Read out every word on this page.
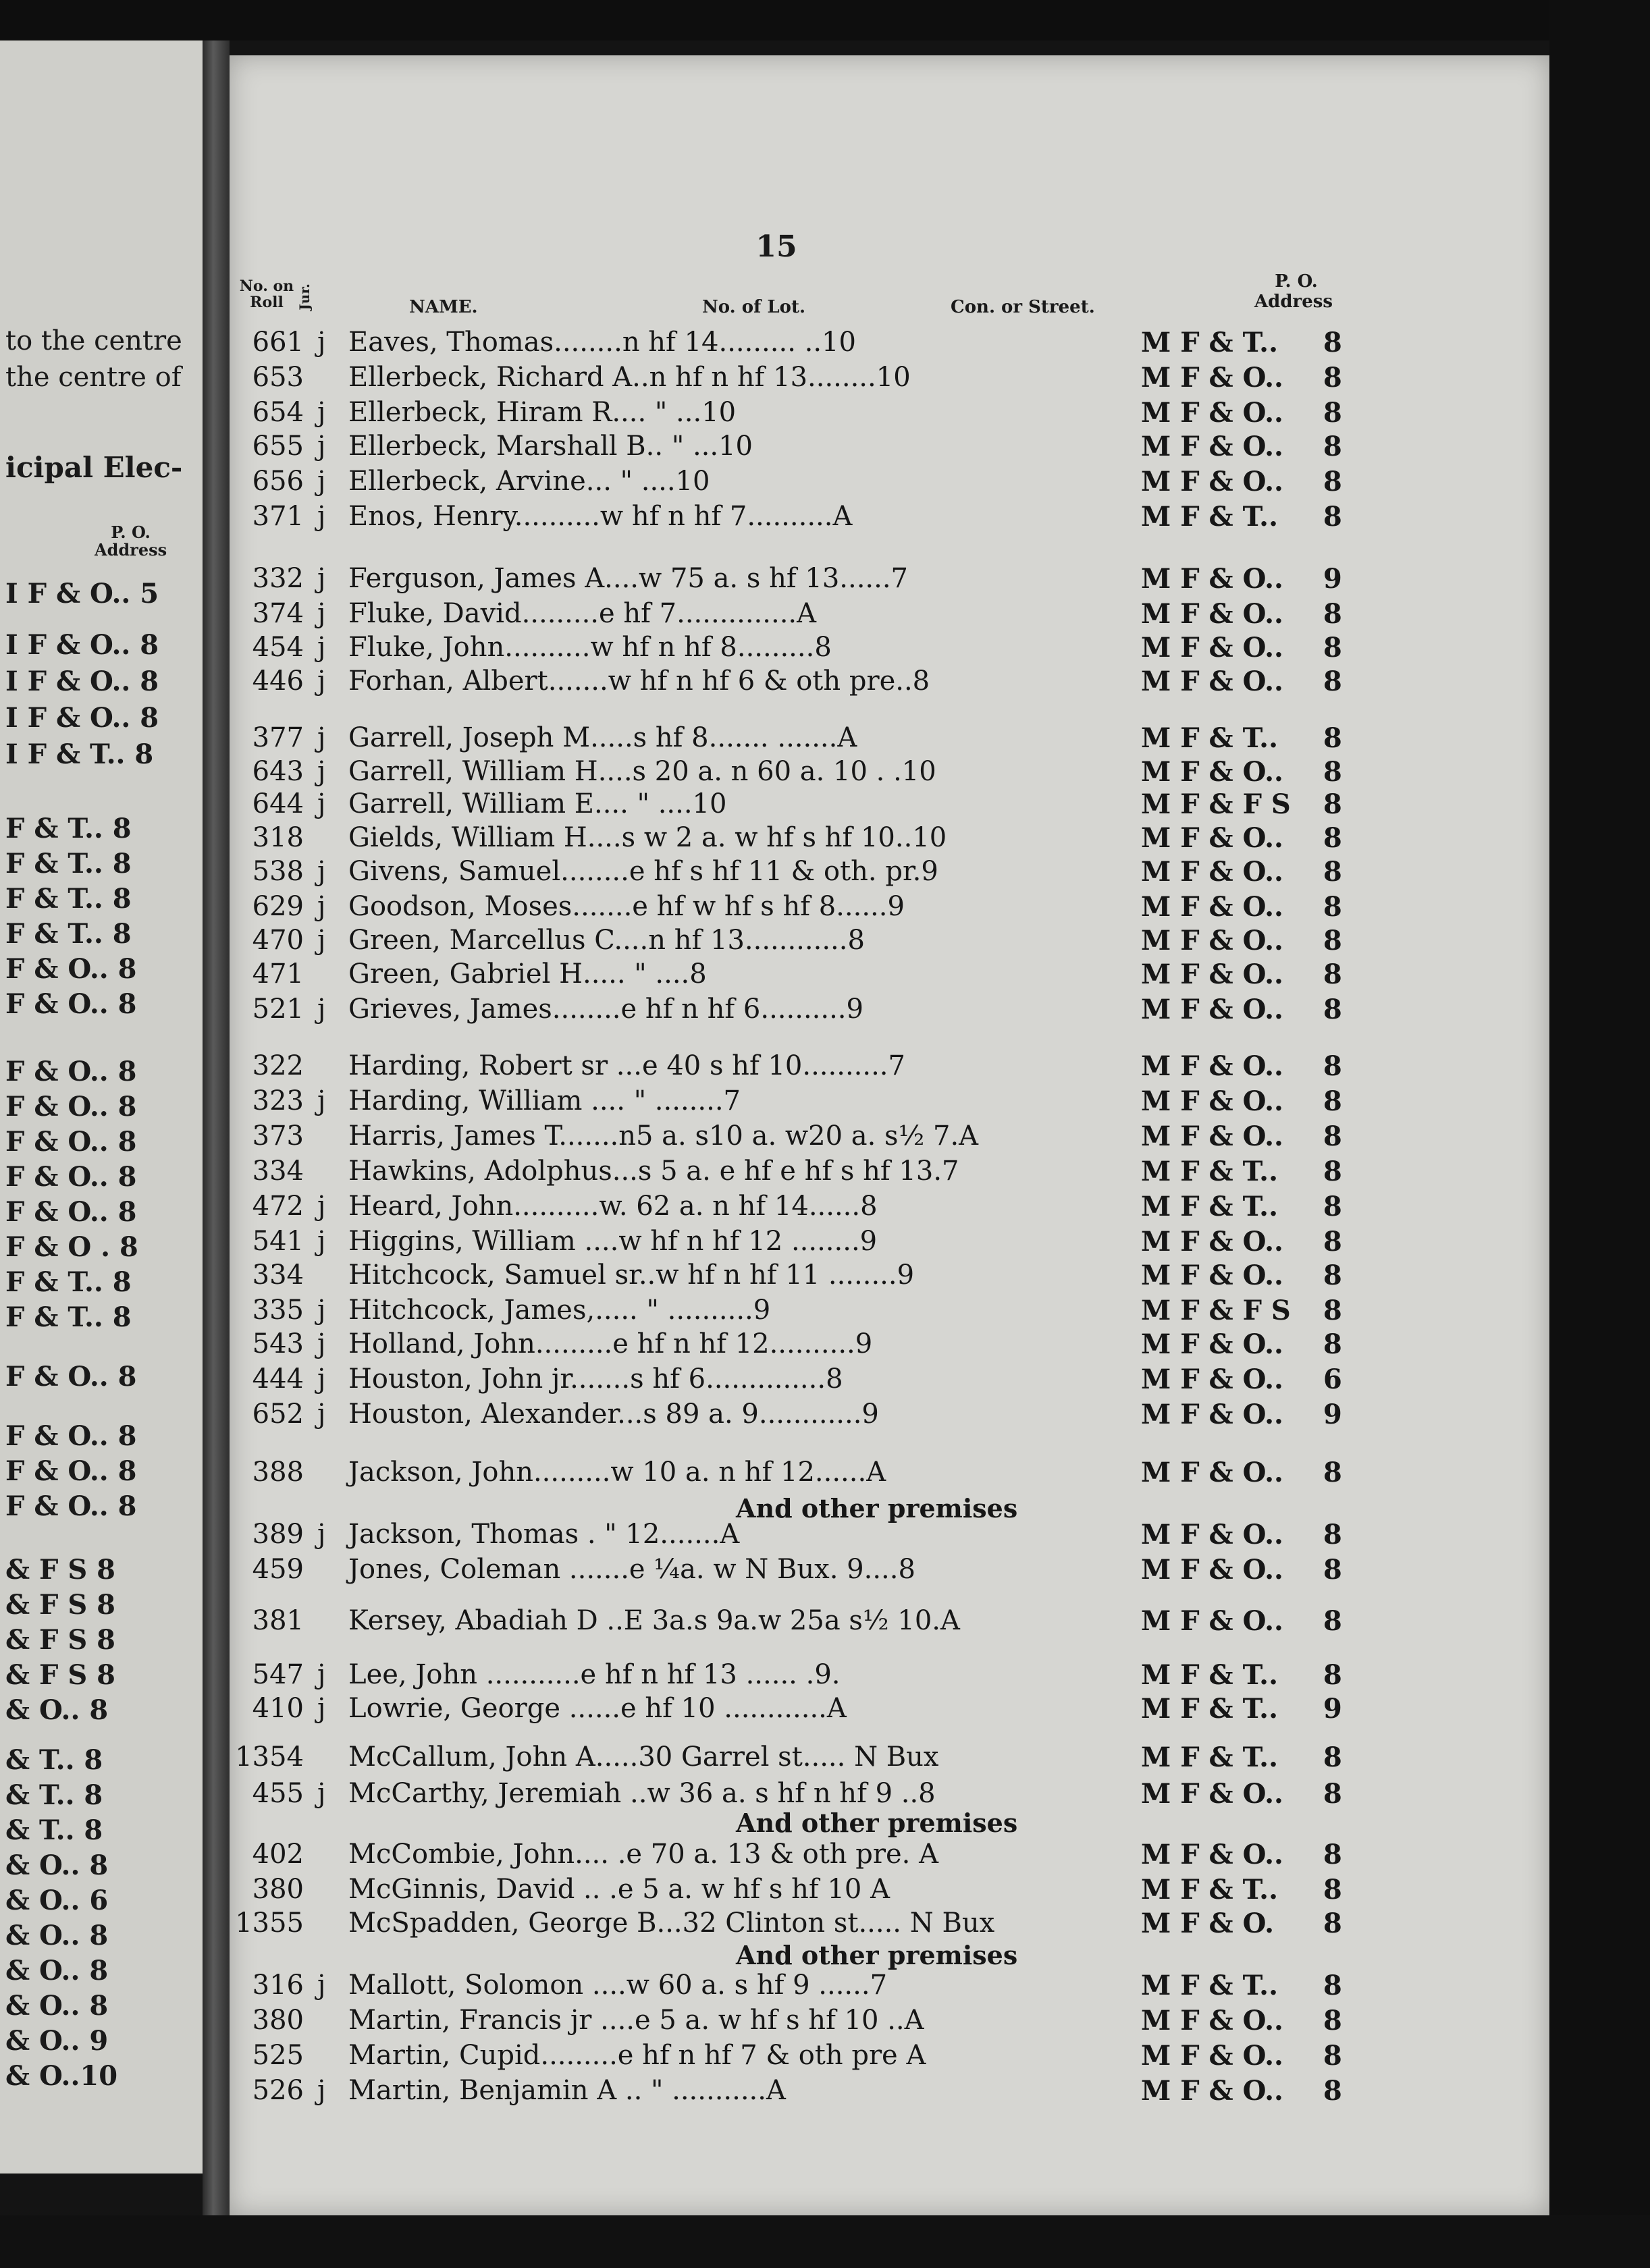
to the centre
the centre of
icipal Elec-
P. O.
Address
I F & O.. 5
I F & O.. 8
I F & O.. 8
I F & O.. 8
I F & T.. 8
F & T.. 8
F & T.. 8
F & T.. 8
F & T.. 8
F & O.. 8
F & O.. 8
F & O.. 8
F & O.. 8
F & O.. 8
F & O.. 8
F & O.. 8
F & O . 8
F & T.. 8
F & T.. 8
F & O.. 8
F & O.. 8
F & O.. 8
F & O.. 8
& F S 8
& F S 8
& F S 8
& F S 8
& O.. 8
& T.. 8
& T.. 8
& T.. 8
& O.. 8
& O.. 6
& O.. 8
& O.. 8
& O.. 8
& O.. 9
& O..10
15
No. on Roll Jur.	NAME.	No. of Lot.	Con. or Street.
P. O.
Address
661 j Eaves, Thomas........n hf 14......... ..10	M F & T.. 8
653 Ellerbeck, Richard A..n hf n hf 13........10	M F & O.. 8
654 j Ellerbeck, Hiram R.... " ...10	M F & O.. 8
655 j Ellerbeck, Marshall B.. " ...10	M F & O.. 8
656 j Ellerbeck, Arvine... " ....10	M F & O.. 8
371 j Enos, Henry..........w hf n hf 7..........A	M F & T.. 8
332 j Ferguson, James A....w 75 a. s hf 13......7	M F & O.. 9
374 j Fluke, David.........e hf 7..............A	M F & O.. 8
454 j Fluke, John..........w hf n hf 8.........8	M F & O.. 8
446 j Forhan, Albert.......w hf n hf 6 & oth pre..8	M F & O.. 8
377 j Garrell, Joseph M.....s hf 8....... .......A	M F & T.. 8
643 j Garrell, William H....s 20 a. n 60 a. 10 . .10	M F & O.. 8
644 j Garrell, William E.... " ....10	M F & F S 8
318 Gields, William H....s w 2 a. w hf s hf 10..10	M F & O.. 8
538 j Givens, Samuel........e hf s hf 11 & oth. pr.9	M F & O.. 8
629 j Goodson, Moses.......e hf w hf s hf 8......9	M F & O.. 8
470 j Green, Marcellus C....n hf 13............8	M F & O.. 8
471 Green, Gabriel H..... " ....8	M F & O.. 8
521 j Grieves, James........e hf n hf 6..........9	M F & O.. 8
322 Harding, Robert sr ...e 40 s hf 10..........7	M F & O.. 8
323 j Harding, William .... " ........7	M F & O.. 8
373 Harris, James T.......n5 a. s10 a. w20 a. s½ 7.A	M F & O.. 8
334 Hawkins, Adolphus...s 5 a. e hf e hf s hf 13.7	M F & T.. 8
472 j Heard, John..........w. 62 a. n hf 14......8	M F & T.. 8
541 j Higgins, William ....w hf n hf 12 ........9	M F & O.. 8
334 Hitchcock, Samuel sr..w hf n hf 11 ........9	M F & O.. 8
335 j Hitchcock, James,..... " ..........9	M F & F S 8
543 j Holland, John.........e hf n hf 12..........9	M F & O.. 8
444 j Houston, John jr.......s hf 6..............8	M F & O.. 6
652 j Houston, Alexander...s 89 a. 9............9	M F & O.. 9
388 Jackson, John.........w 10 a. n hf 12......A	M F & O.. 8
389 j Jackson, Thomas . " 12.......A	M F & O.. 8
459 Jones, Coleman .......e ¼a. w N Bux. 9....8	M F & O.. 8
381 Kersey, Abadiah D ..E 3a.s 9a.w 25a s½ 10.A	M F & O.. 8
547 j Lee, John ...........e hf n hf 13 ...... .9.	M F & T.. 8
410 j Lowrie, George ......e hf 10 ............A	M F & T.. 9
1354 McCallum, John A.....30 Garrel st..... N Bux	M F & T.. 8
455 j McCarthy, Jeremiah ..w 36 a. s hf n hf 9 ..8	M F & O.. 8
402 McCombie, John.... .e 70 a. 13 & oth pre. A	M F & O.. 8
380 McGinnis, David .. .e 5 a. w hf s hf 10 A	M F & T.. 8
1355 McSpadden, George B...32 Clinton st..... N Bux	M F & O. 8
316 j Mallott, Solomon ....w 60 a. s hf 9 ......7	M F & T.. 8
380 Martin, Francis jr ....e 5 a. w hf s hf 10 ..A	M F & O.. 8
525 Martin, Cupid.........e hf n hf 7 & oth pre A	M F & O.. 8
526 j Martin, Benjamin A .. " ...........A	M F & O.. 8
And other premises
And other premises
And other premises
